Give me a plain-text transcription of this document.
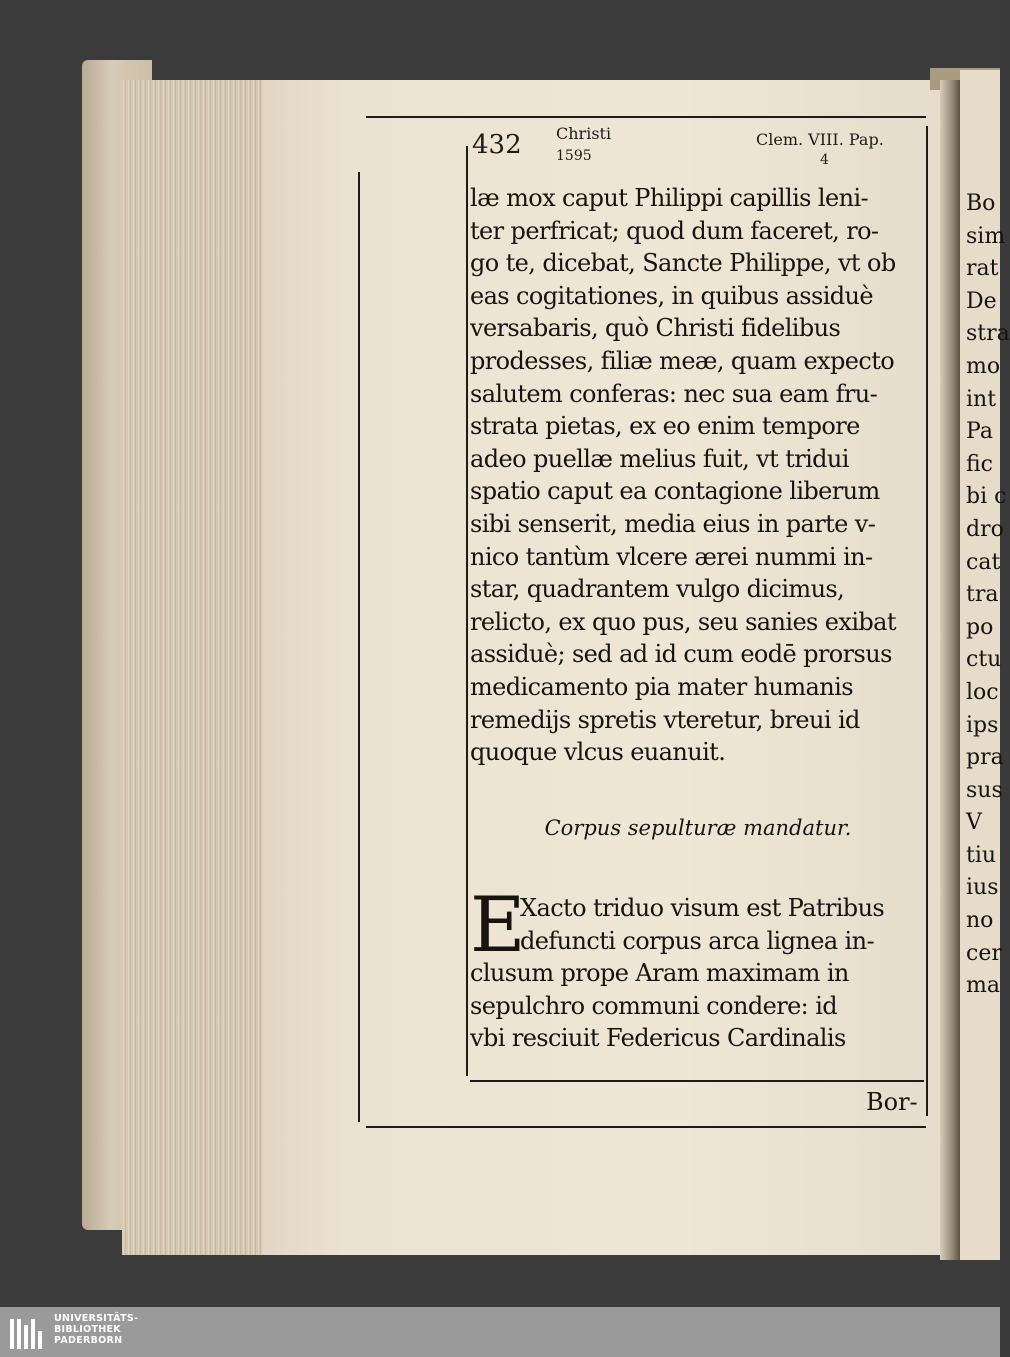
432 Christi
1595
Clem. VIII. Pap.
4
læ mox caput Philippi capillis leni-
ter perfricat; quod dum faceret, ro-
go te, dicebat, Sancte Philippe, vt ob
eas cogitationes, in quibus assiduè
versabaris, quò Christi fidelibus
prodesses, filiæ meæ, quam expecto
salutem conferas: nec sua eam fru-
strata pietas, ex eo enim tempore
adeo puellæ melius fuit, vt tridui
spatio caput ea contagione liberum
sibi senserit, media eius in parte v-
nico tantùm vlcere ærei nummi in-
star, quadrantem vulgo dicimus,
relicto, ex quo pus, seu sanies exibat
assiduè; sed ad id cum eodē prorsus
medicamento pia mater humanis
remedijs spretis vteretur, breui id
quoque vlcus euanuit.
Corpus sepulturæ mandatur.
E
Xacto triduo visum est Patribus
defuncti corpus arca lignea in-
clusum prope Aram maximam in
sepulchro communi condere: id
vbi resciuit Federicus Cardinalis
Bor-
Bo
sim
rat
De
stra
mo
int
Pa
fic
bi c
dro
cat
tra
po
ctu
loc
ips
pra
sus
V
tiu
ius
no
cer
ma
UNIVERSITÄTS-
BIBLIOTHEK
PADERBORN
